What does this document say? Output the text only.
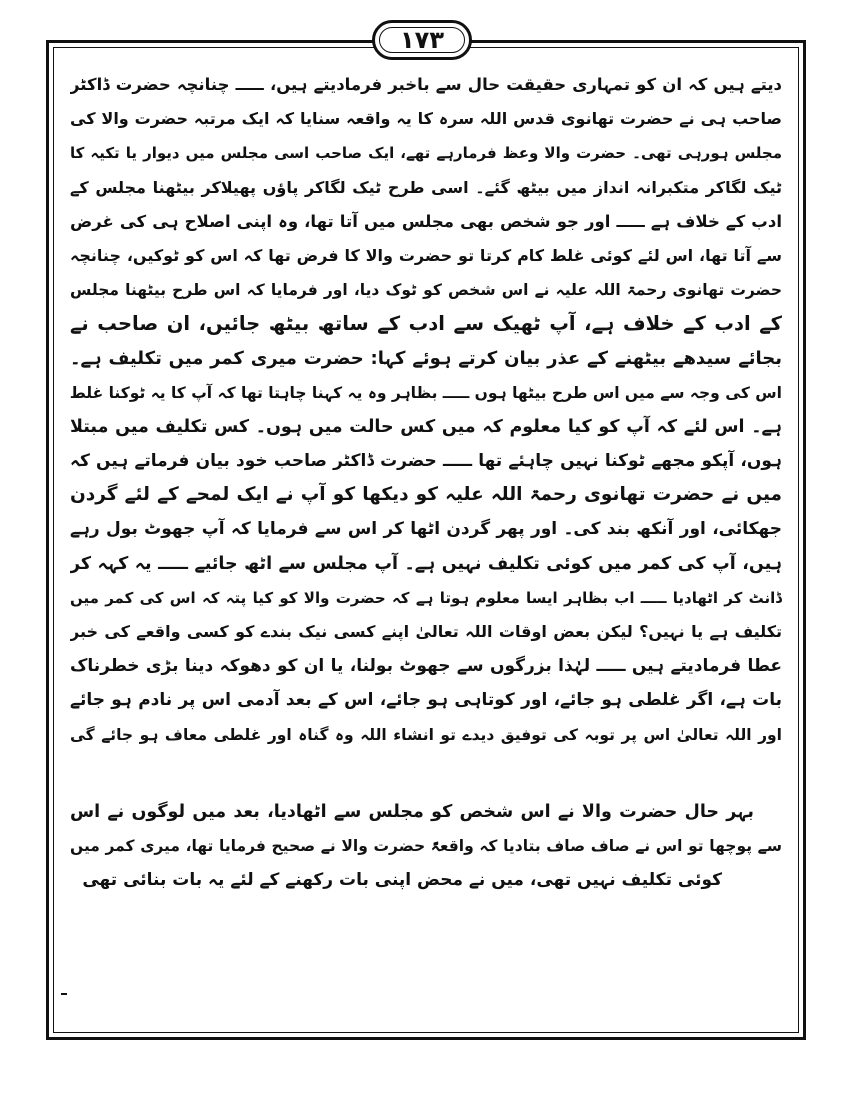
۱۷۳
دیتے ہیں کہ ان کو تمہاری حقیقت حال سے باخبر فرمادیتے ہیں، ـــــ چنانچہ حضرت ڈاکٹر
صاحب ہی نے حضرت تھانوی قدس اللہ سرہ کا یہ واقعہ سنایا کہ ایک مرتبہ حضرت والا کی
مجلس ہورہی تھی۔ حضرت والا وعظ فرمارہے تھے، ایک صاحب اسی مجلس میں دیوار یا تکیہ کا
ٹیک لگاکر متکبرانہ انداز میں بیٹھ گئے۔ اسی طرح ٹیک لگاکر پاؤں پھیلاکر بیٹھنا مجلس کے
ادب کے خلاف ہے ـــــ اور جو شخص بھی مجلس میں آتا تھا، وہ اپنی اصلاح ہی کی غرض
سے آتا تھا، اس لئے کوئی غلط کام کرتا تو حضرت والا کا فرض تھا کہ اس کو ٹوکیں، چنانچہ
حضرت تھانوی رحمۃ اللہ علیہ نے اس شخص کو ٹوک دیا، اور فرمایا کہ اس طرح بیٹھنا مجلس
کے ادب کے خلاف ہے، آپ ٹھیک سے ادب کے ساتھ بیٹھ جائیں، ان صاحب نے
بجائے سیدھے بیٹھنے کے عذر بیان کرتے ہوئے کہا: حضرت میری کمر میں تکلیف ہے۔
اس کی وجہ سے میں اس طرح بیٹھا ہوں ـــــ بظاہر وہ یہ کہنا چاہتا تھا کہ آپ کا یہ ٹوکنا غلط
ہے۔ اس لئے کہ آپ کو کیا معلوم کہ میں کس حالت میں ہوں۔ کس تکلیف میں مبتلا
ہوں، آپکو مجھے ٹوکنا نہیں چاہئے تھا ـــــ حضرت ڈاکٹر صاحب خود بیان فرماتے ہیں کہ
میں نے حضرت تھانوی رحمۃ اللہ علیہ کو دیکھا کو آپ نے ایک لمحے کے لئے گردن
جھکائی، اور آنکھ بند کی۔ اور پھر گردن اٹھا کر اس سے فرمایا کہ آپ جھوٹ بول رہے
ہیں، آپ کی کمر میں کوئی تکلیف نہیں ہے۔ آپ مجلس سے اٹھ جائیے ـــــ یہ کہہ کر
ڈانٹ کر اٹھادیا ـــــ اب بظاہر ایسا معلوم ہوتا ہے کہ حضرت والا کو کیا پتہ کہ اس کی کمر میں
تکلیف ہے یا نہیں؟ لیکن بعض اوقات اللہ تعالیٰ اپنے کسی نیک بندے کو کسی واقعے کی خبر
عطا فرمادیتے ہیں ـــــ لہٰذا بزرگوں سے جھوٹ بولنا، یا ان کو دھوکہ دینا بڑی خطرناک
بات ہے، اگر غلطی ہو جائے، اور کوتاہی ہو جائے، اس کے بعد آدمی اس پر نادم ہو جائے
اور اللہ تعالیٰ اس پر توبہ کی توفیق دیدے تو انشاء اللہ وہ گناہ اور غلطی معاف ہو جائے گی
بہر حال حضرت والا نے اس شخص کو مجلس سے اٹھادیا، بعد میں لوگوں نے اس
سے پوچھا تو اس نے صاف صاف بتادیا کہ واقعۃً حضرت والا نے صحیح فرمایا تھا، میری کمر میں
کوئی تکلیف نہیں تھی، میں نے محض اپنی بات رکھنے کے لئے یہ بات بنائی تھی
